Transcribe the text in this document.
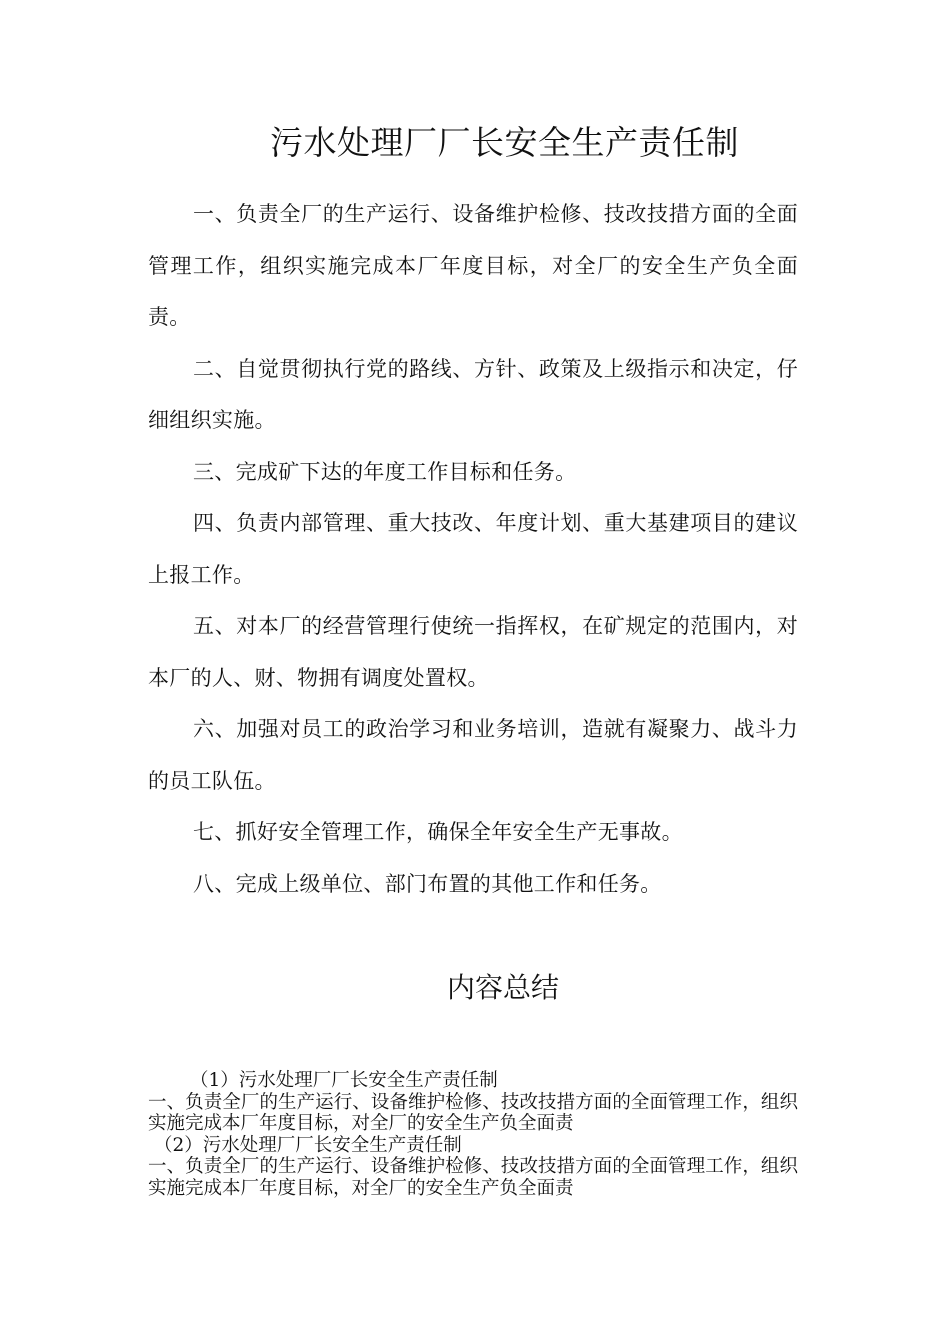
污水处理厂厂长安全生产责任制

一、负责全厂的生产运行、设备维护检修、技改技措方面的全面管理工作，组织实施完成本厂年度目标，对全厂的安全生产负全面责。

二、自觉贯彻执行党的路线、方针、政策及上级指示和决定，仔细组织实施。

三、完成矿下达的年度工作目标和任务。

四、负责内部管理、重大技改、年度计划、重大基建项目的建议上报工作。

五、对本厂的经营管理行使统一指挥权，在矿规定的范围内，对本厂的人、财、物拥有调度处置权。

六、加强对员工的政治学习和业务培训，造就有凝聚力、战斗力的员工队伍。

七、抓好安全管理工作，确保全年安全生产无事故。

八、完成上级单位、部门布置的其他工作和任务。

内容总结
（1）污水处理厂厂长安全生产责任制
一、负责全厂的生产运行、设备维护检修、技改技措方面的全面管理工作，组织实施完成本厂年度目标，对全厂的安全生产负全面责
（2）污水处理厂厂长安全生产责任制
一、负责全厂的生产运行、设备维护检修、技改技措方面的全面管理工作，组织实施完成本厂年度目标，对全厂的安全生产负全面责
